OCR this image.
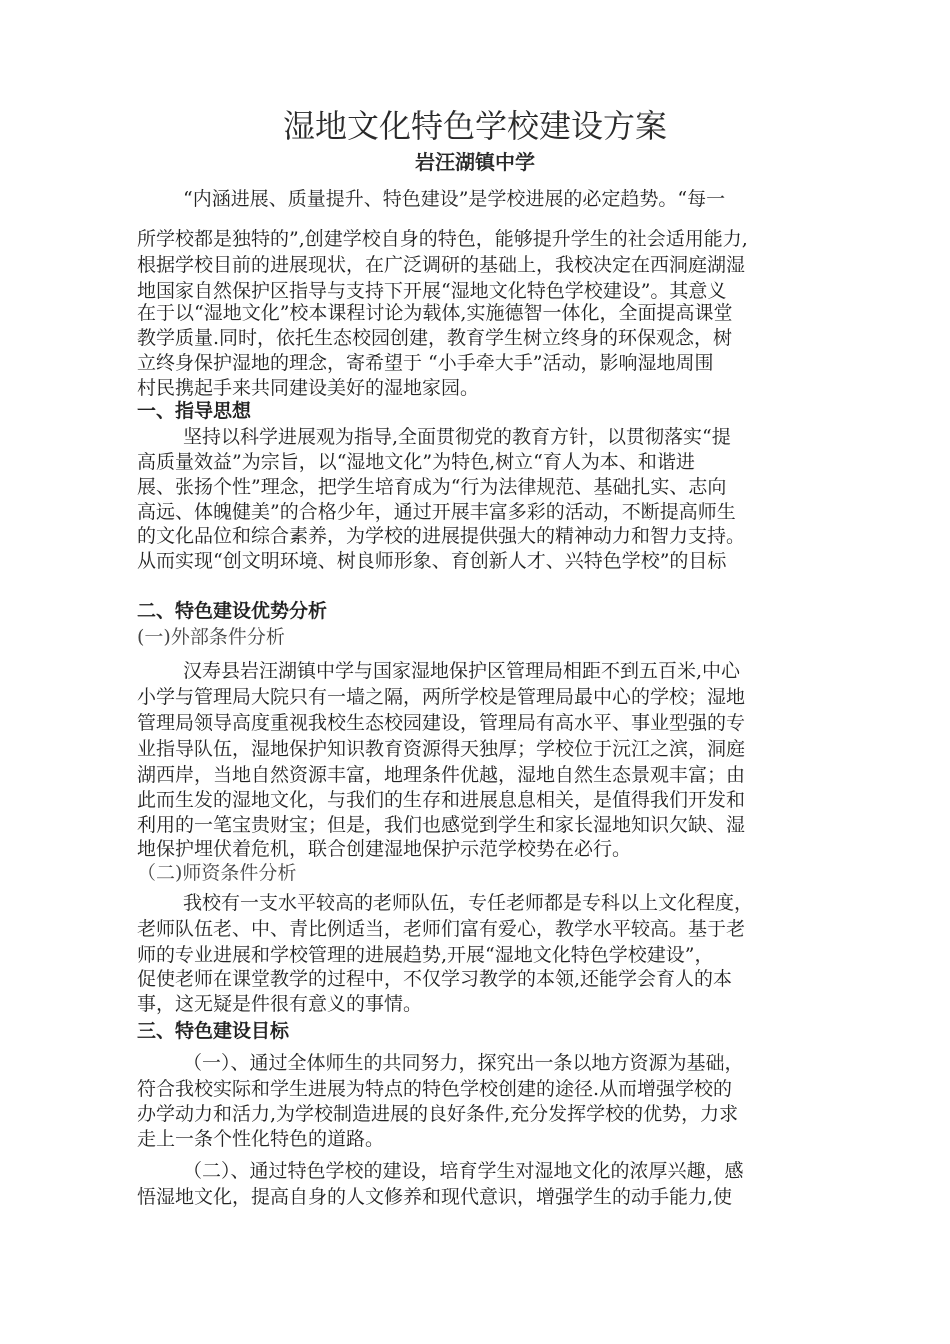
湿地文化特色学校建设方案
岩汪湖镇中学
“内涵进展、质量提升、特色建设”是学校进展的必定趋势。“每一
所学校都是独特的”,创建学校自身的特色，能够提升学生的社会适用能力,
根据学校目前的进展现状，在广泛调研的基础上，我校决定在西洞庭湖湿
地国家自然保护区指导与支持下开展“湿地文化特色学校建设”。其意义
在于以“湿地文化”校本课程讨论为载体,实施德智一体化，全面提高课堂
教学质量.同时，依托生态校园创建，教育学生树立终身的环保观念，树
立终身保护湿地的理念，寄希望于 “小手牵大手”活动，影响湿地周围
村民携起手来共同建设美好的湿地家园。
一、指导思想
坚持以科学进展观为指导,全面贯彻党的教育方针，以贯彻落实“提
高质量效益”为宗旨，以“湿地文化”为特色,树立“育人为本、和谐进
展、张扬个性”理念，把学生培育成为“行为法律规范、基础扎实、志向
高远、体魄健美”的合格少年，通过开展丰富多彩的活动，不断提高师生
的文化品位和综合素养，为学校的进展提供强大的精神动力和智力支持。
从而实现“创文明环境、树良师形象、育创新人才、兴特色学校”的目标
二、特色建设优势分析
(一)外部条件分析
汉寿县岩汪湖镇中学与国家湿地保护区管理局相距不到五百米,中心
小学与管理局大院只有一墙之隔，两所学校是管理局最中心的学校；湿地
管理局领导高度重视我校生态校园建设，管理局有高水平、事业型强的专
业指导队伍，湿地保护知识教育资源得天独厚；学校位于沅江之滨，洞庭
湖西岸，当地自然资源丰富，地理条件优越，湿地自然生态景观丰富；由
此而生发的湿地文化，与我们的生存和进展息息相关，是值得我们开发和
利用的一笔宝贵财宝；但是，我们也感觉到学生和家长湿地知识欠缺、湿
地保护埋伏着危机，联合创建湿地保护示范学校势在必行。
（二)师资条件分析
我校有一支水平较高的老师队伍，专任老师都是专科以上文化程度，
老师队伍老、中、青比例适当，老师们富有爱心，教学水平较高。基于老
师的专业进展和学校管理的进展趋势,开展“湿地文化特色学校建设”，
促使老师在课堂教学的过程中，不仅学习教学的本领,还能学会育人的本
事，这无疑是件很有意义的事情。
三、特色建设目标
（一）、通过全体师生的共同努力，探究出一条以地方资源为基础，
符合我校实际和学生进展为特点的特色学校创建的途径.从而增强学校的
办学动力和活力,为学校制造进展的良好条件,充分发挥学校的优势，力求
走上一条个性化特色的道路。
（二）、通过特色学校的建设，培育学生对湿地文化的浓厚兴趣，感
悟湿地文化，提高自身的人文修养和现代意识，增强学生的动手能力,使
